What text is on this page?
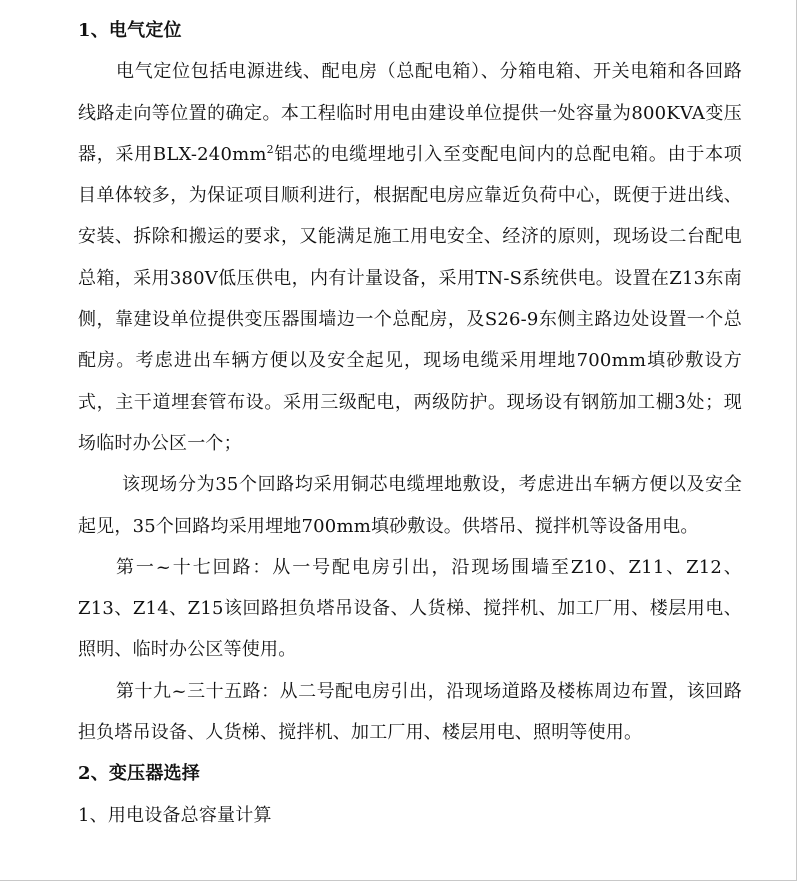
1、电气定位

电气定位包括电源进线、配电房（总配电箱）、分箱电箱、开关电箱和各回路线路走向等位置的确定。本工程临时用电由建设单位提供一处容量为800KVA变压器，采用BLX-$240mm^2$铝芯的电缆埋地引入至变配电间内的总配电箱。由于本项目单体较多，为保证项目顺利进行，根据配电房应靠近负荷中心，既便于进出线、安装、拆除和搬运的要求，又能满足施工用电安全、经济的原则，现场设二台配电总箱，采用380V低压供电，内有计量设备，采用TN-S系统供电。设置在Z13东南侧，靠建设单位提供变压器围墙边一个总配房，及S26-9东侧主路边处设置一个总配房。考虑进出车辆方便以及安全起见，现场电缆采用埋地700mm填砂敷设方式，主干道埋套管布设。采用三级配电，两级防护。现场设有钢筋加工棚3处；现场临时办公区一个；

该现场分为35个回路均采用铜芯电缆埋地敷设，考虑进出车辆方便以及安全起见，35个回路均采用埋地700mm填砂敷设。供塔吊、搅拌机等设备用电。

第一~十七回路：从一号配电房引出，沿现场围墙至Z10、Z11、Z12、Z13、Z14、Z15该回路担负塔吊设备、人货梯、搅拌机、加工厂用、楼层用电、照明、临时办公区等使用。

第十九~三十五路：从二号配电房引出，沿现场道路及楼栋周边布置，该回路担负塔吊设备、人货梯、搅拌机、加工厂用、楼层用电、照明等使用。

2、变压器选择

1、用电设备总容量计算
